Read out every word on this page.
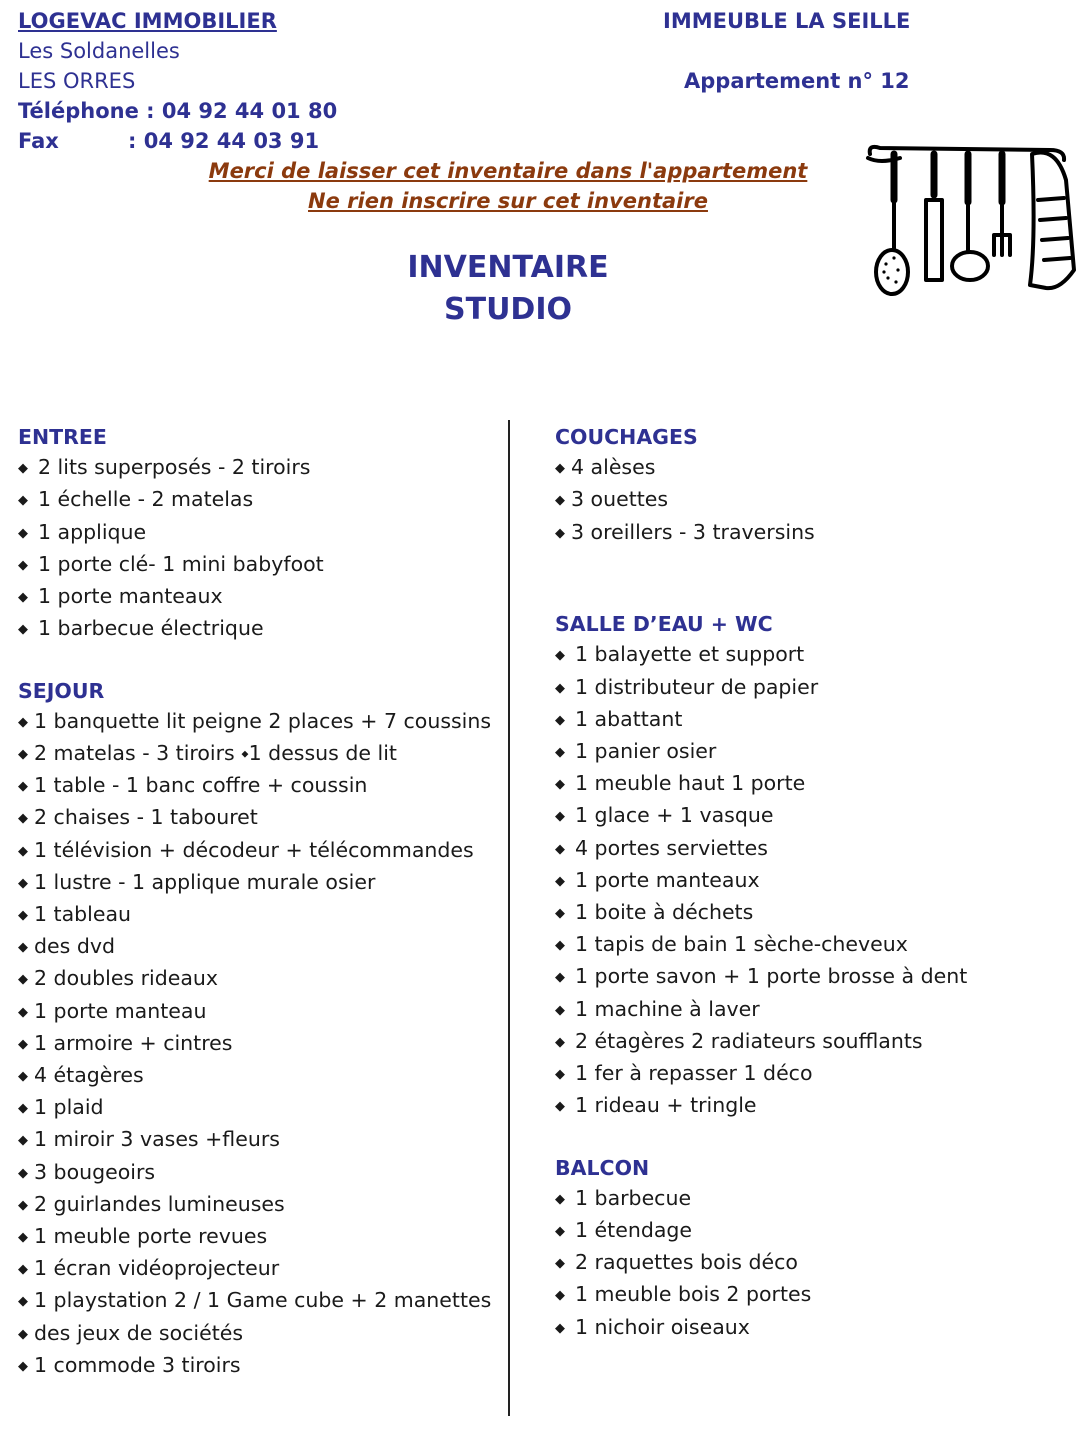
LOGEVAC IMMOBILIER
Les Soldanelles
LES ORRES
Téléphone : 04 92 44 01 80
Fax	: 04 92 44 03 91
IMMEUBLE LA SEILLE
Appartement n° 12
Merci de laisser cet inventaire dans l'appartement
Ne rien inscrire sur cet inventaire
INVENTAIRE
STUDIO
ENTREE
◆ 2 lits superposés - 2 tiroirs
◆ 1 échelle - 2 matelas
◆ 1 applique
◆ 1 porte clé- 1 mini babyfoot
◆ 1 porte manteaux
◆ 1 barbecue électrique
SEJOUR
◆ 1 banquette lit peigne 2 places + 7 coussins
◆ 2 matelas - 3 tiroirs ⬩1 dessus de lit
◆ 1 table - 1 banc coffre + coussin
◆ 2 chaises - 1 tabouret
◆ 1 télévision + décodeur + télécommandes
◆ 1 lustre - 1 applique murale osier
◆ 1 tableau
◆ des dvd
◆ 2 doubles rideaux
◆ 1 porte manteau
◆ 1 armoire + cintres
◆ 4 étagères
◆ 1 plaid
◆ 1 miroir 3 vases +fleurs
◆ 3 bougeoirs
◆ 2 guirlandes lumineuses
◆ 1 meuble porte revues
◆ 1 écran vidéoprojecteur
◆ 1 playstation 2 / 1 Game cube + 2 manettes
◆ des jeux de sociétés
◆ 1 commode 3 tiroirs
COUCHAGES
◆ 4 alèses
◆ 3 ouettes
◆ 3 oreillers - 3 traversins
SALLE D’EAU + WC
◆ 1 balayette et support
◆ 1 distributeur de papier
◆ 1 abattant
◆ 1 panier osier
◆ 1 meuble haut 1 porte
◆ 1 glace + 1 vasque
◆ 4 portes serviettes
◆ 1 porte manteaux
◆ 1 boite à déchets
◆ 1 tapis de bain 1 sèche-cheveux
◆ 1 porte savon + 1 porte brosse à dent
◆ 1 machine à laver
◆ 2 étagères 2 radiateurs soufflants
◆ 1 fer à repasser 1 déco
◆ 1 rideau + tringle
BALCON
◆ 1 barbecue
◆ 1 étendage
◆ 2 raquettes bois déco
◆ 1 meuble bois 2 portes
◆ 1 nichoir oiseaux
